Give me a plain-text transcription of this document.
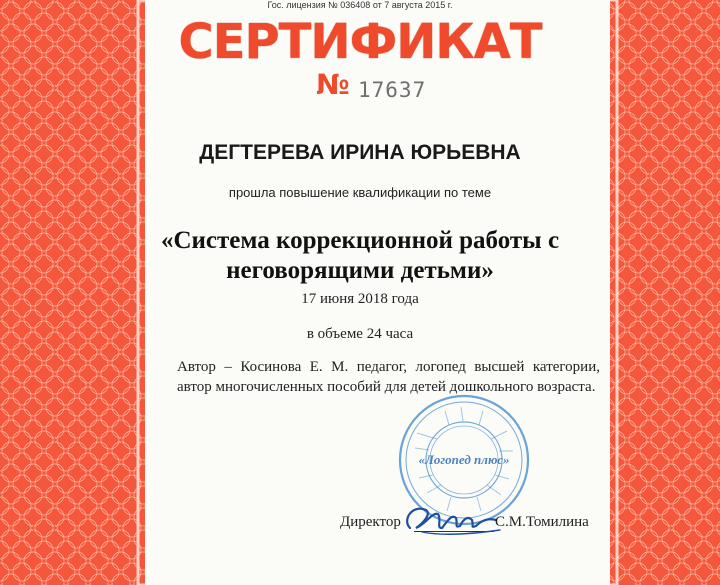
Гос. лицензия № 036408 от 7 августа 2015 г.
СЕРТИФИКАТ
№ 17637
ДЕГТЕРЕВА ИРИНА ЮРЬЕВНА
прошла повышение квалификации по теме
«Система коррекционной работы с
неговорящими детьми»
17 июня 2018 года
в объеме 24 часа
Автор – Косинова Е. М. педагог, логопед высшей категории, автор многочисленных пособий для детей дошкольного возраста.
«Логопед плюс»
Директор	С.М.Томилина
